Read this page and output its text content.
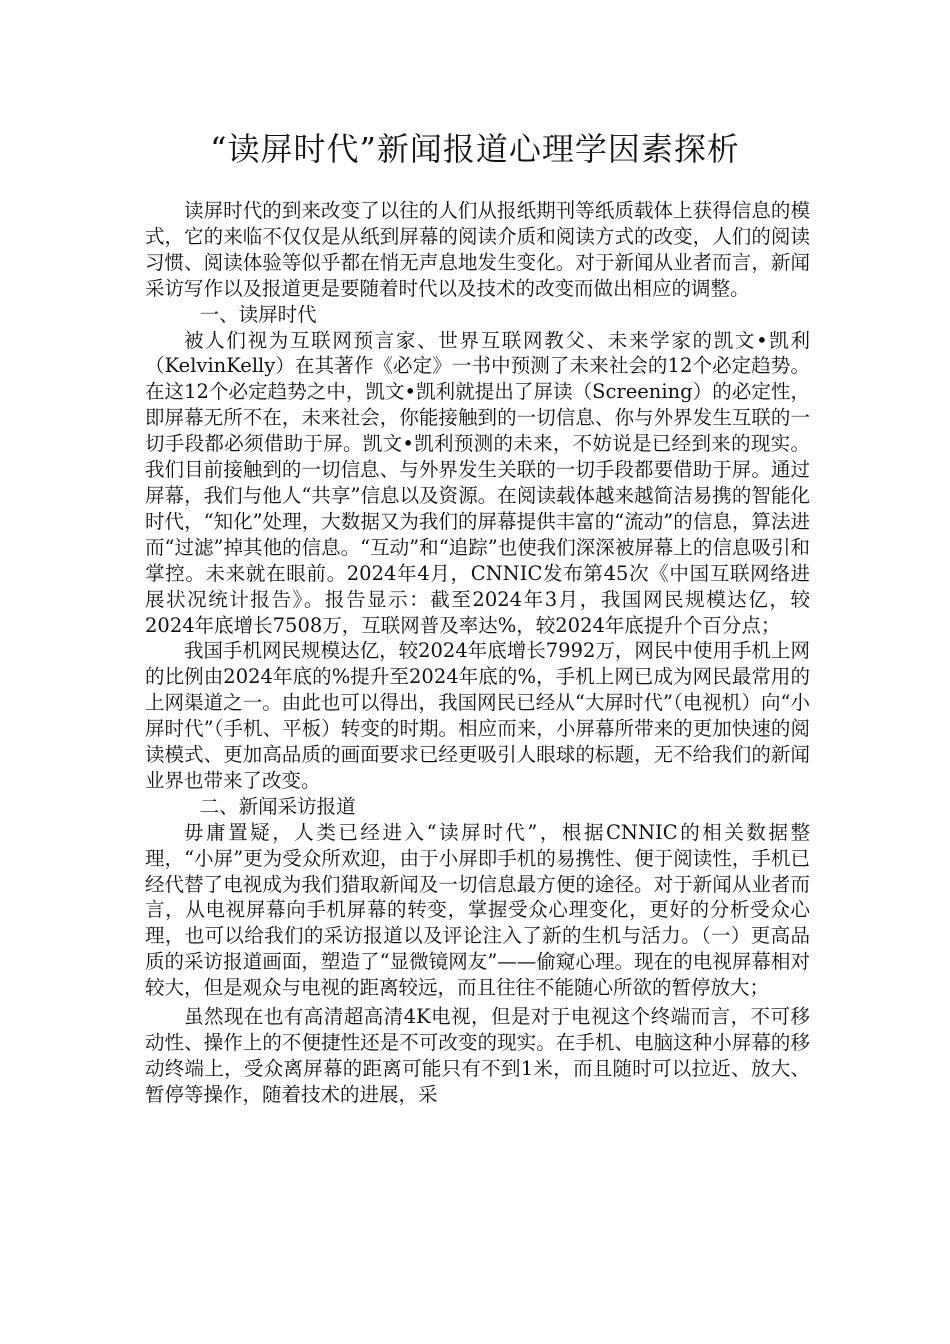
“读屏时代”新闻报道心理学因素探析

读屏时代的到来改变了以往的人们从报纸期刊等纸质载体上获得信息的模式，它的来临不仅仅是从纸到屏幕的阅读介质和阅读方式的改变，人们的阅读习惯、阅读体验等似乎都在悄无声息地发生变化。对于新闻从业者而言，新闻采访写作以及报道更是要随着时代以及技术的改变而做出相应的调整。

一、读屏时代

被人们视为互联网预言家、世界互联网教父、未来学家的凯文•凯利（KelvinKelly）在其著作《必定》一书中预测了未来社会的12个必定趋势。在这12个必定趋势之中，凯文•凯利就提出了屏读（Screening）的必定性，即屏幕无所不在，未来社会，你能接触到的一切信息、你与外界发生互联的一切手段都必须借助于屏。凯文•凯利预测的未来，不妨说是已经到来的现实。我们目前接触到的一切信息、与外界发生关联的一切手段都要借助于屏。通过屏幕，我们与他人“共享”信息以及资源。在阅读载体越来越简洁易携的智能化时代，“知化”处理，大数据又为我们的屏幕提供丰富的“流动”的信息，算法进而“过滤”掉其他的信息。“互动”和“追踪”也使我们深深被屏幕上的信息吸引和掌控。未来就在眼前。2024年4月，CNNIC发布第45次《中国互联网络进展状况统计报告》。报告显示：截至2024年3月，我国网民规模达亿，较2024年底增长7508万，互联网普及率达%，较2024年底提升个百分点；

我国手机网民规模达亿，较2024年底增长7992万，网民中使用手机上网的比例由2024年底的%提升至2024年底的%，手机上网已成为网民最常用的上网渠道之一。由此也可以得出，我国网民已经从“大屏时代”（电视机）向“小屏时代”（手机、平板）转变的时期。相应而来，小屏幕所带来的更加快速的阅读模式、更加高品质的画面要求已经更吸引人眼球的标题，无不给我们的新闻业界也带来了改变。

二、新闻采访报道

毋庸置疑，人类已经进入“读屏时代”，根据CNNIC的相关数据整理，“小屏”更为受众所欢迎，由于小屏即手机的易携性、便于阅读性，手机已经代替了电视成为我们猎取新闻及一切信息最方便的途径。对于新闻从业者而言，从电视屏幕向手机屏幕的转变，掌握受众心理变化，更好的分析受众心理，也可以给我们的采访报道以及评论注入了新的生机与活力。（一）更高品质的采访报道画面，塑造了“显微镜网友”——偷窥心理。现在的电视屏幕相对较大，但是观众与电视的距离较远，而且往往不能随心所欲的暂停放大；

虽然现在也有高清超高清4K电视，但是对于电视这个终端而言，不可移动性、操作上的不便捷性还是不可改变的现实。在手机、电脑这种小屏幕的移动终端上，受众离屏幕的距离可能只有不到1米，而且随时可以拉近、放大、暂停等操作，随着技术的进展，采
